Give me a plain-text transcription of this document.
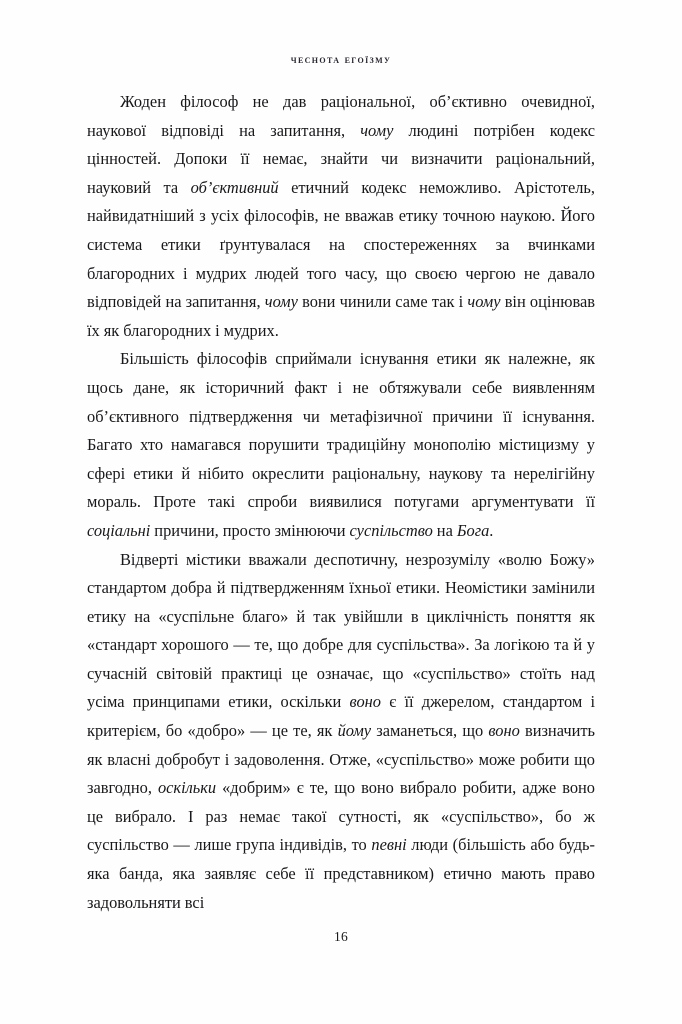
чеснота егоїзму

Жоден філософ не дав раціональної, об’єктивно очевидної, наукової відповіді на запитання, чому людині потрібен кодекс цінностей. Допоки її немає, знайти чи визначити раціональний, науковий та об’єктивний етичний кодекс неможливо. Арістотель, найвидатніший з усіх філософів, не вважав етику точною наукою. Його система етики ґрунтувалася на спостереженнях за вчинками благородних і мудрих людей того часу, що своєю чергою не давало відповідей на запитання, чому вони чинили саме так і чому він оцінював їх як благородних і мудрих.

Більшість філософів сприймали існування етики як належне, як щось дане, як історичний факт і не обтяжували себе виявленням об’єктивного підтвердження чи метафізичної причини її існування. Багато хто намагався порушити традиційну монополію містицизму у сфері етики й нібито окреслити раціональну, наукову та нерелігійну мораль. Проте такі спроби виявилися потугами аргументувати її соціальні причини, просто змінюючи суспільство на Бога.

Відверті містики вважали деспотичну, незрозумілу «волю Божу» стандартом добра й підтвердженням їхньої етики. Неомістики замінили етику на «суспільне благо» й так увійшли в циклічність поняття як «стандарт хорошого — те, що добре для суспільства». За логікою та й у сучасній світовій практиці це означає, що «суспільство» стоїть над усіма принципами етики, оскільки воно є її джерелом, стандартом і критерієм, бо «добро» — це те, як йому заманеться, що воно визначить як власні добробут і задоволення. Отже, «суспільство» може робити що завгодно, оскільки «добрим» є те, що воно вибрало робити, адже воно це вибрало. І раз немає такої сутності, як «суспільство», бо ж суспільство — лише група індивідів, то певні люди (більшість або будь-яка банда, яка заявляє себе її представником) етично мають право задовольняти всі

16
